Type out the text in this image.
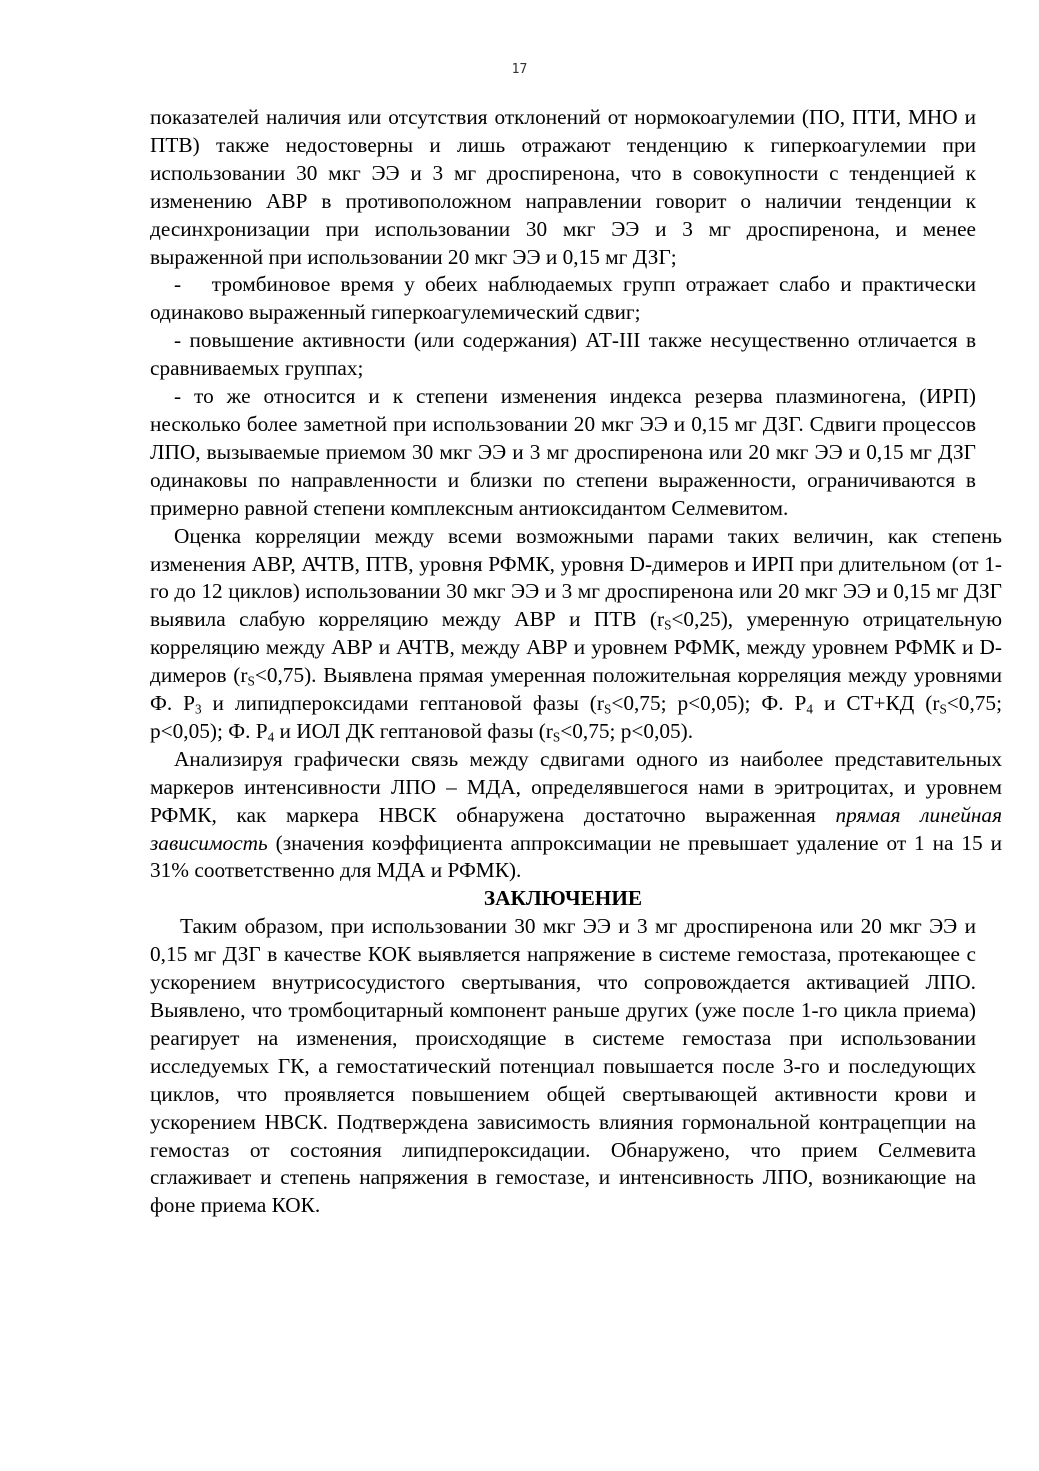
17

показателей наличия или отсутствия отклонений от нормокоагулемии (ПО, ПТИ, МНО и ПТВ) также недостоверны и лишь отражают тенденцию к гиперкоагулемии при использовании 30 мкг ЭЭ и 3 мг дроспиренона, что в совокупности с тенденцией к изменению АВР в противоположном направлении говорит о наличии тенденции к десинхронизации при использовании 30 мкг ЭЭ и 3 мг дроспиренона, и менее выраженной при использовании 20 мкг ЭЭ и 0,15 мг ДЗГ;

-   тромбиновое время у обеих наблюдаемых групп отражает слабо и практически одинаково выраженный гиперкоагулемический сдвиг;

- повышение активности (или содержания) АТ-III также несущественно отличается в сравниваемых группах;

- то же относится и к степени изменения индекса резерва плазминогена, (ИРП) несколько более заметной при использовании 20 мкг ЭЭ и 0,15 мг ДЗГ. Сдвиги процессов ЛПО, вызываемые приемом 30 мкг ЭЭ и 3 мг дроспиренона или 20 мкг ЭЭ и 0,15 мг ДЗГ одинаковы по направленности и близки по степени выраженности, ограничиваются в примерно равной степени комплексным антиоксидантом Селмевитом.

Оценка корреляции между всеми возможными парами таких величин, как степень изменения АВР, АЧТВ, ПТВ, уровня РФМК, уровня D-димеров и ИРП при длительном (от 1-го до 12 циклов) использовании 30 мкг ЭЭ и 3 мг дроспиренона или 20 мкг ЭЭ и 0,15 мг ДЗГ выявила слабую корреляцию между АВР и ПТВ $(r_S<0,25)$, умеренную отрицательную корреляцию между АВР и АЧТВ, между АВР и уровнем РФМК, между уровнем РФМК и D-димеров $(r_S<0,75)$. Выявлена прямая умеренная положительная корреляция между уровнями Ф. $Р_3$ и липидпероксидами гептановой фазы ($r_S<0,75$; p<0,05); Ф. $Р_4$ и СТ+КД ($r_S<0,75$; p<0,05); Ф. $Р_4$ и ИОЛ ДК гептановой фазы ($r_S<0,75$; p<0,05).

Анализируя графически связь между сдвигами одного из наиболее представительных маркеров интенсивности ЛПО – МДА, определявшегося нами в эритроцитах, и уровнем РФМК, как маркера НВСК обнаружена достаточно выраженная прямая линейная зависимость (значения коэффициента аппроксимации не превышает удаление от 1 на 15 и 31% соответственно для МДА и РФМК).

ЗАКЛЮЧЕНИЕ

Таким образом, при использовании 30 мкг ЭЭ и 3 мг дроспиренона или 20 мкг ЭЭ и 0,15 мг ДЗГ в качестве КОК выявляется напряжение в системе гемостаза, протекающее с ускорением внутрисосудистого свертывания, что сопровождается активацией ЛПО. Выявлено, что тромбоцитарный компонент раньше других (уже после 1-го цикла приема) реагирует на изменения, происходящие в системе гемостаза при использовании исследуемых ГК, а гемостатический потенциал повышается после 3-го и последующих циклов, что проявляется повышением общей свертывающей активности крови и ускорением НВСК. Подтверждена зависимость влияния гормональной контрацепции на гемостаз от состояния липидпероксидации. Обнаружено, что прием Селмевита сглаживает и степень напряжения в гемостазе, и интенсивность ЛПО, возникающие на фоне приема КОК.
